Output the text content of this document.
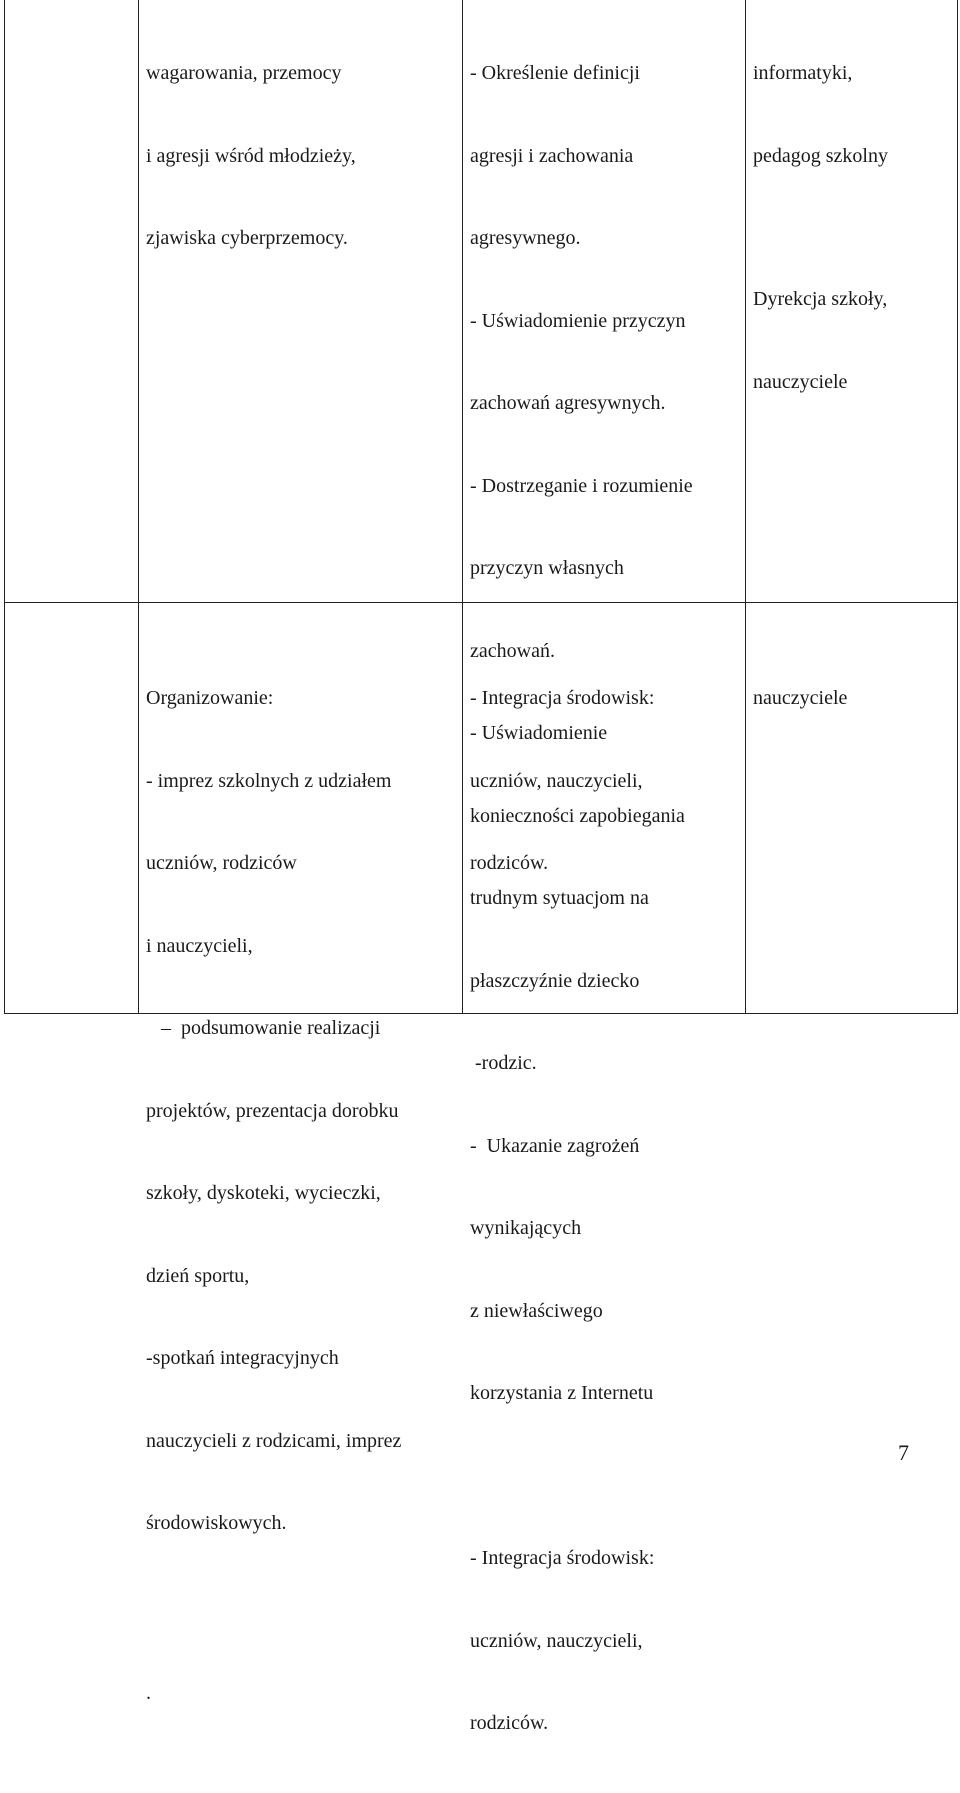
wagarowania, przemocy

i agresji wśród młodzieży,

zjawiska cyberprzemocy.

- Określenie definicji

agresji i zachowania

agresywnego.

- Uświadomienie przyczyn

zachowań agresywnych.

- Dostrzeganie i rozumienie

przyczyn własnych

zachowań.

- Uświadomienie

konieczności zapobiegania

trudnym sytuacjom na

płaszczyźnie dziecko

-rodzic.

-  Ukazanie zagrożeń

wynikających

z niewłaściwego

korzystania z Internetu

- Integracja środowisk:

uczniów, nauczycieli,

rodziców.

informatyki,

pedagog szkolny

Dyrekcja szkoły,

nauczyciele

Organizowanie:

- imprez szkolnych z udziałem

uczniów, rodziców

i nauczycieli,

–  podsumowanie realizacji

projektów, prezentacja dorobku

szkoły, dyskoteki, wycieczki,

dzień sportu,

-spotkań integracyjnych

nauczycieli z rodzicami, imprez

środowiskowych.

.

- Integracja środowisk:

uczniów, nauczycieli,

rodziców.

nauczyciele

7
